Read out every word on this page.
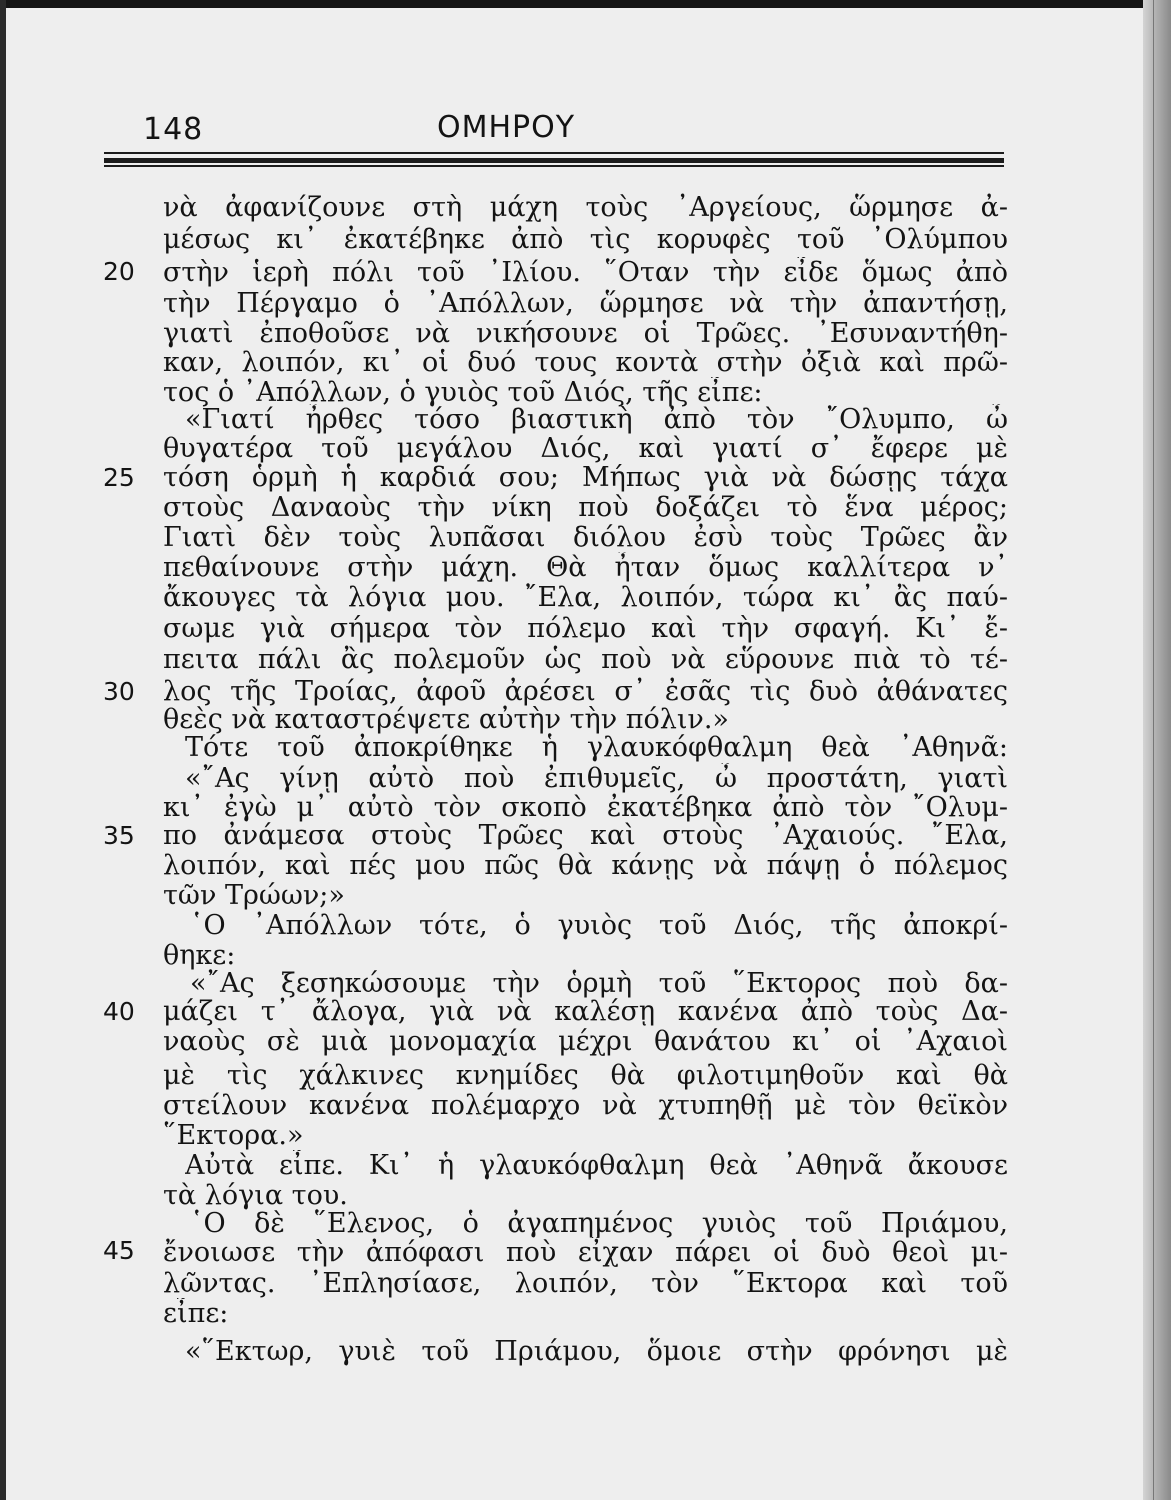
148	ΟΜΗΡΟΥ
20
25
30
35
40
45
νὰ ἀφανίζουνε στὴ μάχη τοὺς ᾿Αργείους, ὥρμησε ἀ-
μέσως κι᾿ ἐκατέβηκε ἀπὸ τὶς κορυφὲς τοῦ ᾿Ολύμπου
στὴν ἱερὴ πόλι τοῦ ᾿Ιλίου. ῞Οταν τὴν εἶδε ὅμως ἀπὸ
τὴν Πέργαμο ὁ ᾿Απόλλων, ὥρμησε νὰ τὴν ἀπαντήσῃ,
γιατὶ ἐποθοῦσε νὰ νικήσουνε οἱ Τρῶες. ᾿Εσυναντήθη-
καν, λοιπόν, κι᾿ οἱ δυό τους κοντὰ στὴν ὀξιὰ καὶ πρῶ-
τος ὁ ᾿Απόλλων, ὁ γυιὸς τοῦ Διός, τῆς εἶπε:
«Γιατί ἦρθες τόσο βιαστικὴ ἀπὸ τὸν ῎Ολυμπο, ὦ
θυγατέρα τοῦ μεγάλου Διός, καὶ γιατί σ᾿ ἔφερε μὲ
τόση ὁρμὴ ἡ καρδιά σου; Μήπως γιὰ νὰ δώσῃς τάχα
στοὺς Δαναοὺς τὴν νίκη ποὺ δοξάζει τὸ ἕνα μέρος;
Γιατὶ δὲν τοὺς λυπᾶσαι διόλου ἐσὺ τοὺς Τρῶες ἂν
πεθαίνουνε στὴν μάχη. Θὰ ἦταν ὅμως καλλίτερα ν᾿
ἄκουγες τὰ λόγια μου. ῎Ελα, λοιπόν, τώρα κι᾿ ἂς παύ-
σωμε γιὰ σήμερα τὸν πόλεμο καὶ τὴν σφαγή. Κι᾿ ἔ-
πειτα πάλι ἂς πολεμοῦν ὡς ποὺ νὰ εὕρουνε πιὰ τὸ τέ-
λος τῆς Τροίας, ἀφοῦ ἀρέσει σ᾿ ἐσᾶς τὶς δυὸ ἀθάνατες
θεὲς νὰ καταστρέψετε αὐτὴν τὴν πόλιν.»
Τότε τοῦ ἀποκρίθηκε ἡ γλαυκόφθαλμη θεὰ ᾿Αθηνᾶ:
«῎Ας γίνῃ αὐτὸ ποὺ ἐπιθυμεῖς, ὦ προστάτη, γιατὶ
κι᾿ ἐγὼ μ᾿ αὐτὸ τὸν σκοπὸ ἐκατέβηκα ἀπὸ τὸν ῎Ολυμ-
πο ἀνάμεσα στοὺς Τρῶες καὶ στοὺς ᾿Αχαιούς. ῎Ελα,
λοιπόν, καὶ πές μου πῶς θὰ κάνῃς νὰ πάψῃ ὁ πόλεμος
τῶν Τρώων;»
῾Ο ᾿Απόλλων τότε, ὁ γυιὸς τοῦ Διός, τῆς ἀποκρί-
θηκε:
«῎Ας ξεσηκώσουμε τὴν ὁρμὴ τοῦ ῞Εκτορος ποὺ δα-
μάζει τ᾿ ἄλογα, γιὰ νὰ καλέσῃ κανένα ἀπὸ τοὺς Δα-
ναοὺς σὲ μιὰ μονομαχία μέχρι θανάτου κι᾿ οἱ ᾿Αχαιοὶ
μὲ τὶς χάλκινες κνημίδες θὰ φιλοτιμηθοῦν καὶ θὰ
στείλουν κανένα πολέμαρχο νὰ χτυπηθῇ μὲ τὸν θεϊκὸν
῞Εκτορα.»
Αὐτὰ εἶπε. Κι᾿ ἡ γλαυκόφθαλμη θεὰ ᾿Αθηνᾶ ἄκουσε
τὰ λόγια του.
῾Ο δὲ ῞Ελενος, ὁ ἀγαπημένος γυιὸς τοῦ Πριάμου,
ἔνοιωσε τὴν ἀπόφασι ποὺ εἶχαν πάρει οἱ δυὸ θεοὶ μι-
λῶντας. ᾿Επλησίασε, λοιπόν, τὸν ῞Εκτορα καὶ τοῦ
εἶπε:
«῞Εκτωρ, γυιὲ τοῦ Πριάμου, ὅμοιε στὴν φρόνησι μὲ
